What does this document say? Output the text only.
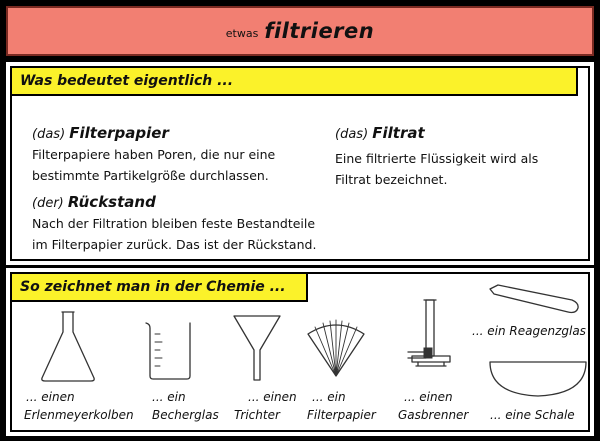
etwas filtrieren
Was bedeutet eigentlich ...
(das) Filterpapier
Filterpapiere haben Poren, die nur eine
bestimmte Partikelgröße durchlassen.
(das) Filtrat
Eine filtrierte Flüssigkeit wird als
Filtrat bezeichnet.
(der) Rückstand
Nach der Filtration bleiben feste Bestandteile
im Filterpapier zurück. Das ist der Rückstand.
So zeichnet man in der Chemie ...
... einen
Erlenmeyerkolben
... ein
Becherglas
... einen
Trichter
... ein
Filterpapier
... einen
Gasbrenner
... ein Reagenzglas
... eine Schale
